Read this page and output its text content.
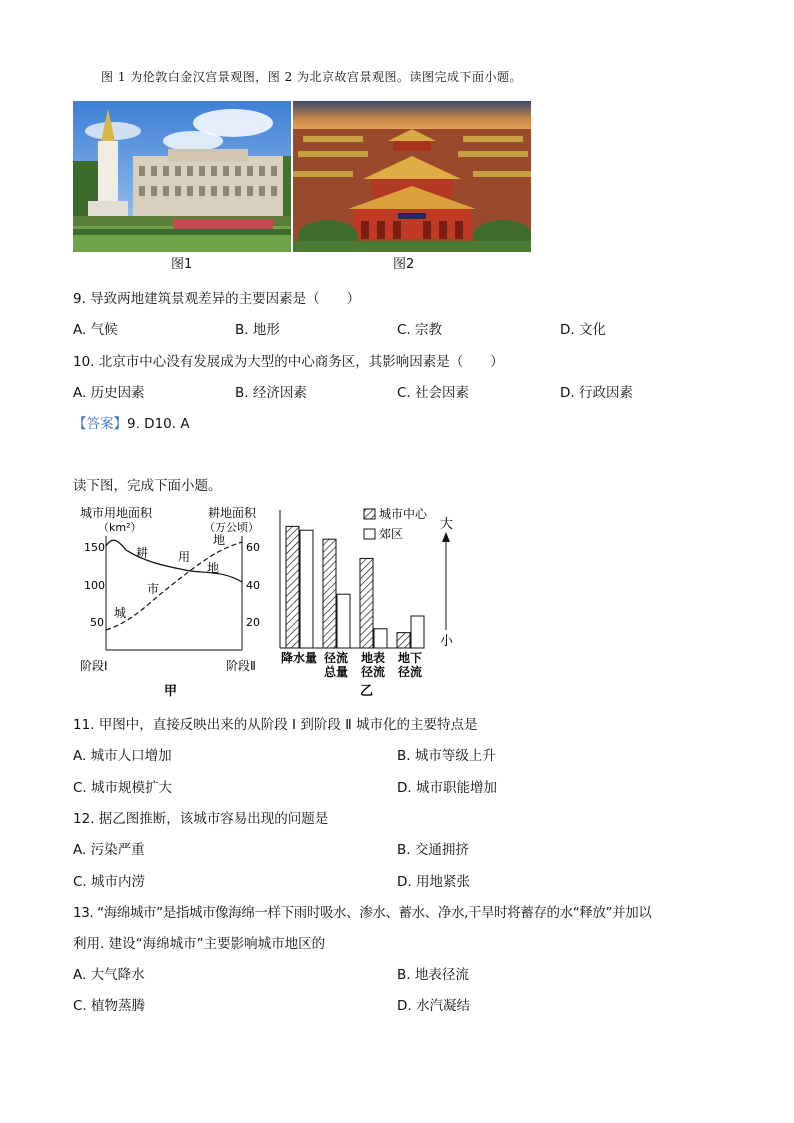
图 1 为伦敦白金汉宫景观图，图 2 为北京故宫景观图。读图完成下面小题。
图1	图2
9. 导致两地建筑景观差异的主要因素是（　　）
A. 气候	B. 地形	C. 宗教	D. 文化
10. 北京市中心没有发展成为大型的中心商务区，其影响因素是（　　）
A. 历史因素	B. 经济因素	C. 社会因素	D. 行政因素
【答案】9. D10. A
读下图，完成下面小题。
城市用地面积
（km²）
耕地面积
（万公顷）
150
100
50
60
40
20
耕
地
用
地
市
城
阶段Ⅰ	阶段Ⅱ
甲
城市中心
郊区
大
小
降水量 径流
总量
地表
径流
地下
径流
乙
11. 甲图中，直接反映出来的从阶段 Ⅰ 到阶段 Ⅱ 城市化的主要特点是
A. 城市人口增加	B. 城市等级上升
C. 城市规模扩大	D. 城市职能增加
12. 据乙图推断，该城市容易出现的问题是
A. 污染严重	B. 交通拥挤
C. 城市内涝	D. 用地紧张
13. “海绵城市”是指城市像海绵一样下雨时吸水、渗水、蓄水、净水,干旱时将蓄存的水“释放”并加以
利用. 建设“海绵城市”主要影响城市地区的
A. 大气降水	B. 地表径流
C. 植物蒸腾	D. 水汽凝结
